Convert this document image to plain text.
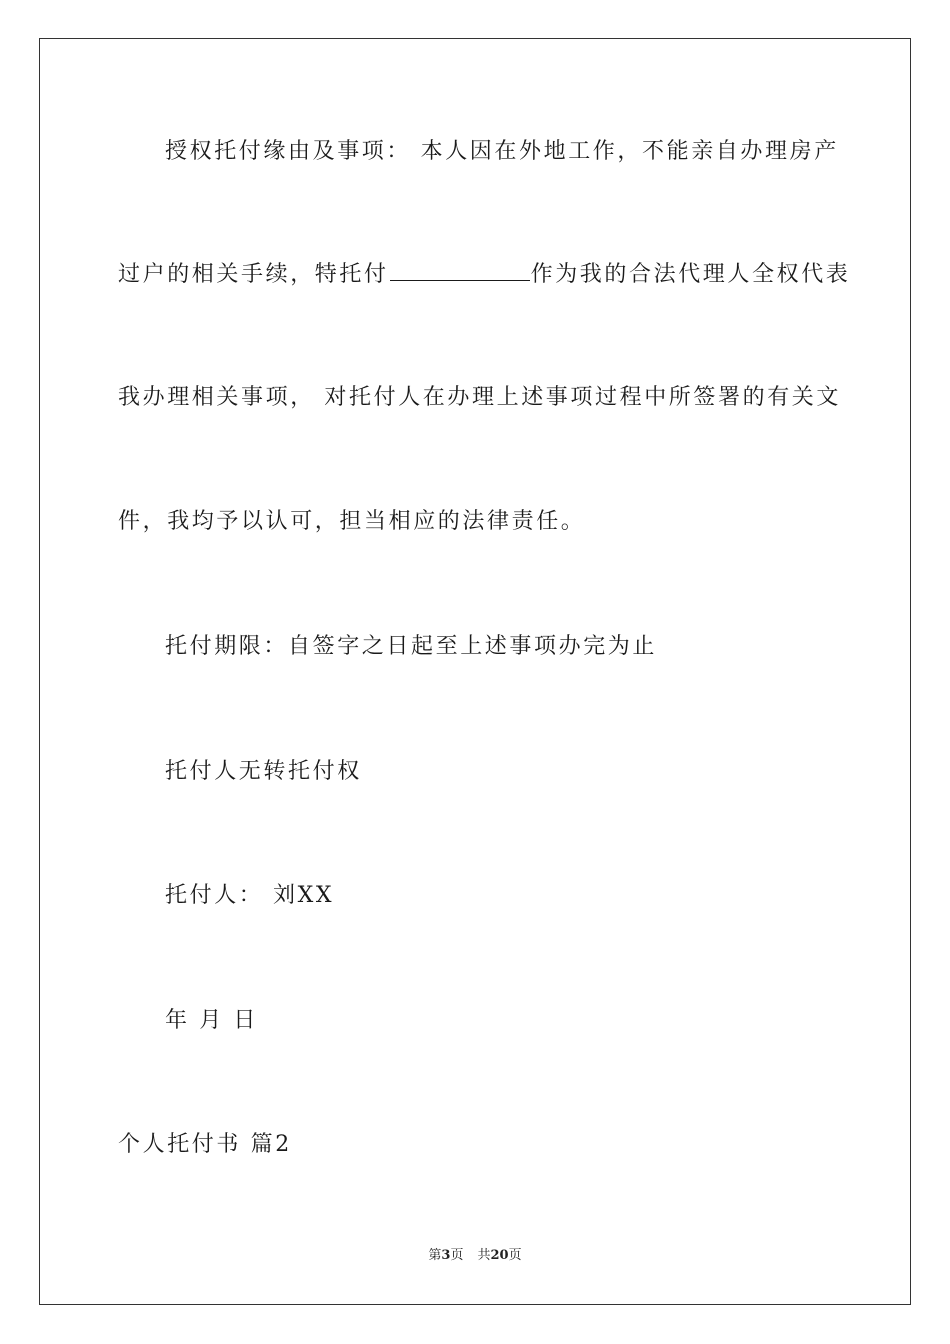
授权托付缘由及事项： 本人因在外地工作，不能亲自办理房产
过户的相关手续，特托付	作为我的合法代理人全权代表
我办理相关事项， 对托付人在办理上述事项过程中所签署的有关文
件，我均予以认可，担当相应的法律责任。
托付期限：自签字之日起至上述事项办完为止
托付人无转托付权
托付人： 刘XX
年 月 日
个人托付书 篇2
第3页 共20页
